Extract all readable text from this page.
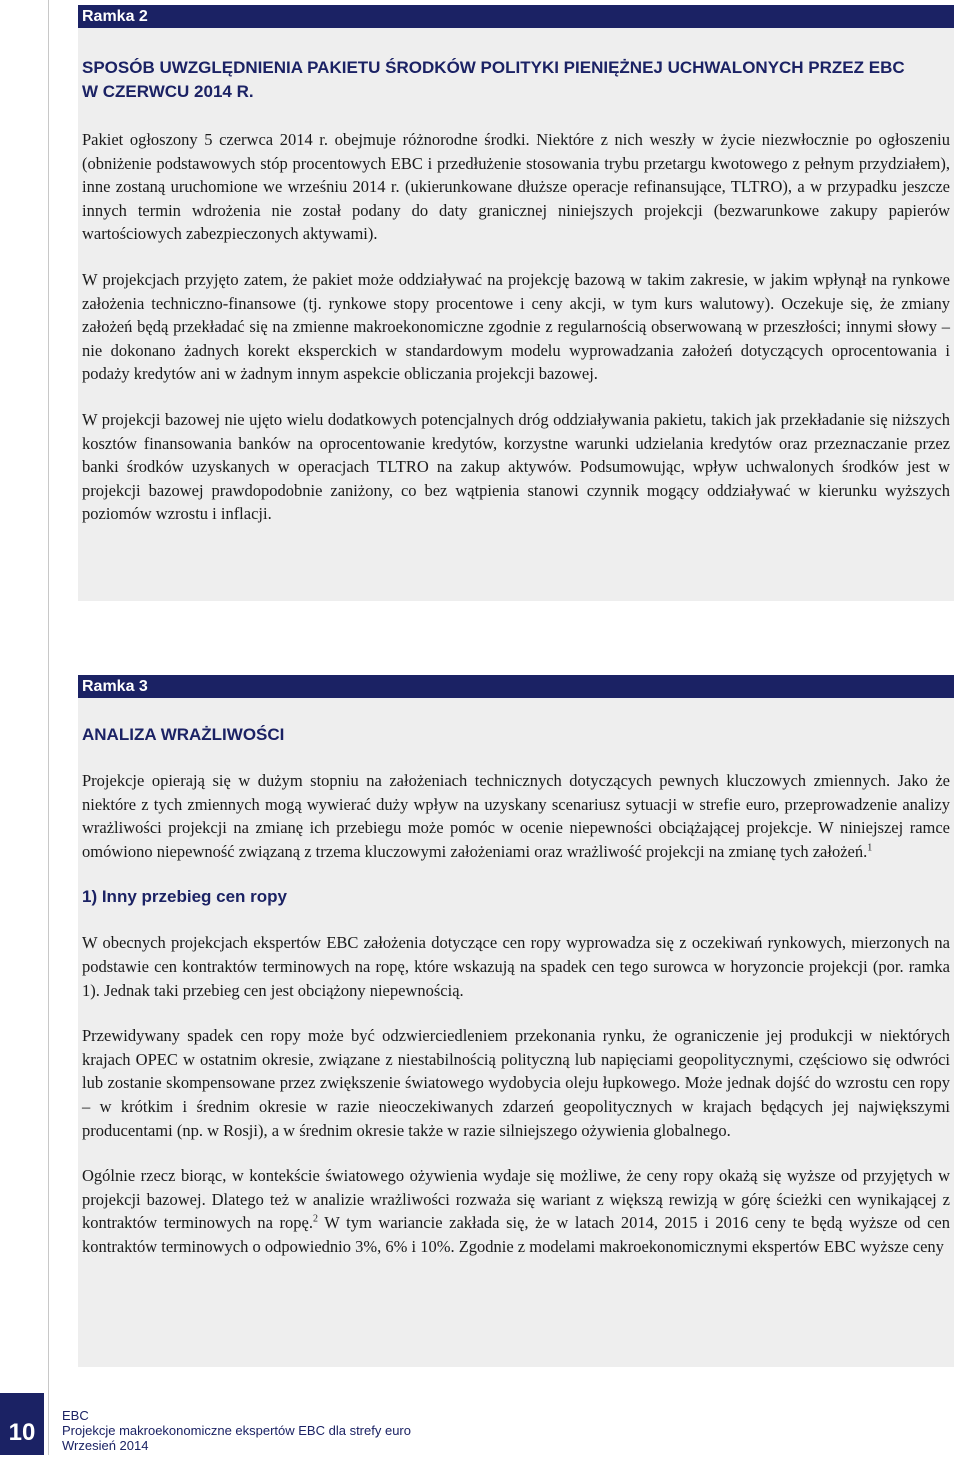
Ramka 2
SPOSÓB UWZGLĘDNIENIA PAKIETU ŚRODKÓW POLITYKI PIENIĘŻNEJ UCHWALONYCH PRZEZ EBC
W CZERWCU 2014 R.

Pakiet ogłoszony 5 czerwca 2014 r. obejmuje różnorodne środki. Niektóre z nich weszły w życie niezwłocznie po ogłoszeniu (obniżenie podstawowych stóp procentowych EBC i przedłużenie stosowania trybu przetargu kwotowego z pełnym przydziałem), inne zostaną uruchomione we wrześniu 2014 r. (ukierunkowane dłuższe operacje refinansujące, TLTRO), a w przypadku jeszcze innych termin wdrożenia nie został podany do daty granicznej niniejszych projekcji (bezwarunkowe zakupy papierów wartościowych zabezpieczonych aktywami).

W projekcjach przyjęto zatem, że pakiet może oddziaływać na projekcję bazową w takim zakresie, w jakim wpłynął na rynkowe założenia techniczno-finansowe (tj. rynkowe stopy procentowe i ceny akcji, w tym kurs walutowy). Oczekuje się, że zmiany założeń będą przekładać się na zmienne makroekonomiczne zgodnie z regularnością obserwowaną w przeszłości; innymi słowy – nie dokonano żadnych korekt eksperckich w standardowym modelu wyprowadzania założeń dotyczących oprocentowania i podaży kredytów ani w żadnym innym aspekcie obliczania projekcji bazowej.

W projekcji bazowej nie ujęto wielu dodatkowych potencjalnych dróg oddziaływania pakietu, takich jak przekładanie się niższych kosztów finansowania banków na oprocentowanie kredytów, korzystne warunki udzielania kredytów oraz przeznaczanie przez banki środków uzyskanych w operacjach TLTRO na zakup aktywów. Podsumowując, wpływ uchwalonych środków jest w projekcji bazowej prawdopodobnie zaniżony, co bez wątpienia stanowi czynnik mogący oddziaływać w kierunku wyższych poziomów wzrostu i inflacji.

Ramka 3
ANALIZA WRAŻLIWOŚCI

Projekcje opierają się w dużym stopniu na założeniach technicznych dotyczących pewnych kluczowych zmiennych. Jako że niektóre z tych zmiennych mogą wywierać duży wpływ na uzyskany scenariusz sytuacji w strefie euro, przeprowadzenie analizy wrażliwości projekcji na zmianę ich przebiegu może pomóc w ocenie niepewności obciążającej projekcje. W niniejszej ramce omówiono niepewność związaną z trzema kluczowymi założeniami oraz wrażliwość projekcji na zmianę tych założeń.$^1$

1) Inny przebieg cen ropy

W obecnych projekcjach ekspertów EBC założenia dotyczące cen ropy wyprowadza się z oczekiwań rynkowych, mierzonych na podstawie cen kontraktów terminowych na ropę, które wskazują na spadek cen tego surowca w horyzoncie projekcji (por. ramka 1). Jednak taki przebieg cen jest obciążony niepewnością.

Przewidywany spadek cen ropy może być odzwierciedleniem przekonania rynku, że ograniczenie jej produkcji w niektórych krajach OPEC w ostatnim okresie, związane z niestabilnością polityczną lub napięciami geopolitycznymi, częściowo się odwróci lub zostanie skompensowane przez zwiększenie światowego wydobycia oleju łupkowego. Może jednak dojść do wzrostu cen ropy – w krótkim i średnim okresie w razie nieoczekiwanych zdarzeń geopolitycznych w krajach będących jej największymi producentami (np. w Rosji), a w średnim okresie także w razie silniejszego ożywienia globalnego.

Ogólnie rzecz biorąc, w kontekście światowego ożywienia wydaje się możliwe, że ceny ropy okażą się wyższe od przyjętych w projekcji bazowej. Dlatego też w analizie wrażliwości rozważa się wariant z większą rewizją w górę ścieżki cen wynikającej z kontraktów terminowych na ropę.$^2$ W tym wariancie zakłada się, że w latach 2014, 2015 i 2016 ceny te będą wyższe od cen kontraktów terminowych o odpowiednio 3%, 6% i 10%. Zgodnie z modelami makroekonomicznymi ekspertów EBC wyższe ceny

10
EBC
Projekcje makroekonomiczne ekspertów EBC dla strefy euro
Wrzesień 2014
